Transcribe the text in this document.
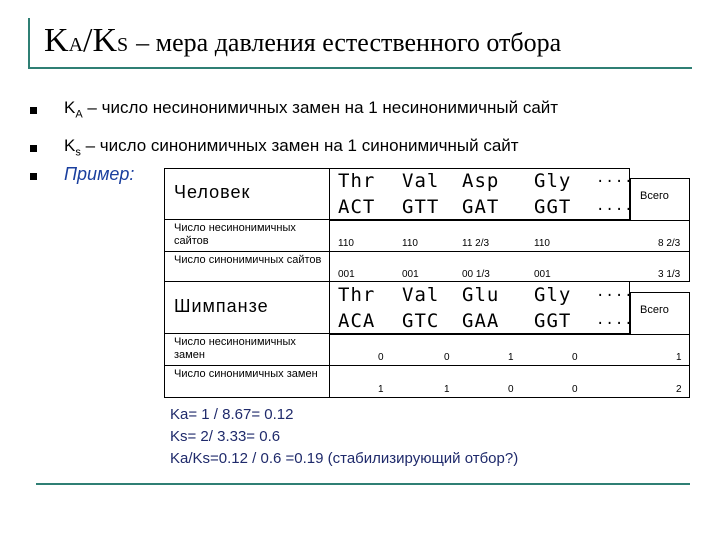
KA/KS – мера давления естественного отбора
$K_A$ – число несинонимичных замен на 1 несинонимичный сайт
$K_s$ – число синонимичных замен на 1 синонимичный сайт
Пример:
Человек	Thr Val Asp Gly ....
ACT GTT GAT GGT ....
Всего
Число несинонимичных сайтов	110	110	11 2/3	110	8 2/3
Число синонимичных сайтов
001	001	00 1/3	001	3 1/3
Шимпанзе	Thr Val Glu Gly ....
ACA GTC GAA GGT ....
Всего
Число несинонимичных замен	0	0	1	0	1
Число синонимичных замен
1	1	0	0	2
Ka= 1 / 8.67= 0.12
Ks= 2/ 3.33= 0.6
Ka/Ks=0.12 / 0.6 =0.19 (стабилизирующий отбор?)
